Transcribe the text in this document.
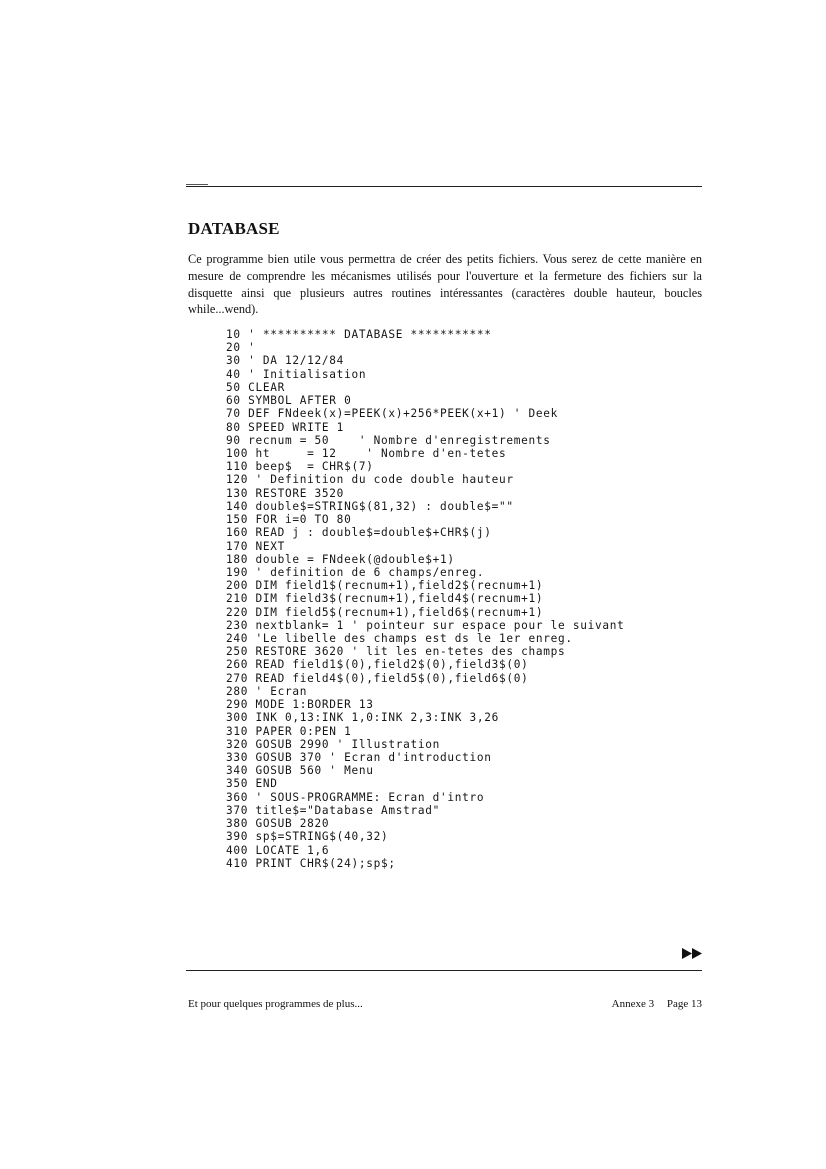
DATABASE

Ce programme bien utile vous permettra de créer des petits fichiers. Vous serez de cette manière en mesure de comprendre les mécanismes utilisés pour l'ouverture et la fermeture des fichiers sur la disquette ainsi que plusieurs autres routines intéressantes (caractères double hauteur, boucles while...wend).

10 ' ********** DATABASE ***********
20 '
30 ' DA 12/12/84
40 ' Initialisation
50 CLEAR
60 SYMBOL AFTER 0
70 DEF FNdeek(x)=PEEK(x)+256*PEEK(x+1) ' Deek
80 SPEED WRITE 1
90 recnum = 50    ' Nombre d'enregistrements
100 ht     = 12    ' Nombre d'en-tetes
110 beep$  = CHR$(7)
120 ' Definition du code double hauteur
130 RESTORE 3520
140 double$=STRING$(81,32) : double$=""
150 FOR i=0 TO 80
160 READ j : double$=double$+CHR$(j)
170 NEXT
180 double = FNdeek(@double$+1)
190 ' definition de 6 champs/enreg.
200 DIM field1$(recnum+1),field2$(recnum+1)
210 DIM field3$(recnum+1),field4$(recnum+1)
220 DIM field5$(recnum+1),field6$(recnum+1)
230 nextblank= 1 ' pointeur sur espace pour le suivant
240 'Le libelle des champs est ds le 1er enreg.
250 RESTORE 3620 ' lit les en-tetes des champs
260 READ field1$(0),field2$(0),field3$(0)
270 READ field4$(0),field5$(0),field6$(0)
280 ' Ecran
290 MODE 1:BORDER 13
300 INK 0,13:INK 1,0:INK 2,3:INK 3,26
310 PAPER 0:PEN 1
320 GOSUB 2990 ' Illustration
330 GOSUB 370 ' Ecran d'introduction
340 GOSUB 560 ' Menu
350 END
360 ' SOUS-PROGRAMME: Ecran d'intro
370 title$="Database Amstrad"
380 GOSUB 2820
390 sp$=STRING$(40,32)
400 LOCATE 1,6
410 PRINT CHR$(24);sp$;

Et pour quelques programmes de plus...	Annexe 3 Page 13
